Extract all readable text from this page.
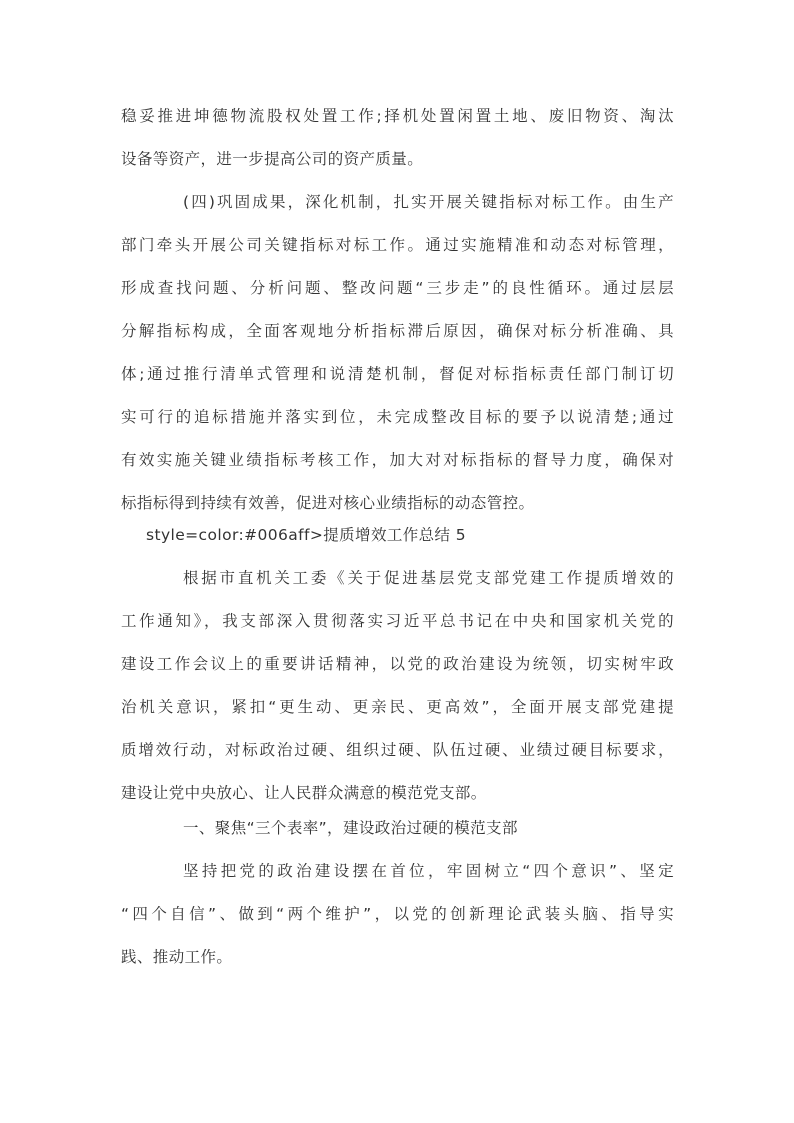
稳妥推进坤德物流股权处置工作;择机处置闲置土地、废旧物资、淘汰

设备等资产，进一步提高公司的资产质量。

(四)巩固成果，深化机制，扎实开展关键指标对标工作。由生产

部门牵头开展公司关键指标对标工作。通过实施精准和动态对标管理，

形成查找问题、分析问题、整改问题“三步走”的良性循环。通过层层

分解指标构成，全面客观地分析指标滞后原因，确保对标分析准确、具

体;通过推行清单式管理和说清楚机制，督促对标指标责任部门制订切

实可行的追标措施并落实到位，未完成整改目标的要予以说清楚;通过

有效实施关键业绩指标考核工作，加大对对标指标的督导力度，确保对

标指标得到持续有效善，促进对核心业绩指标的动态管控。

style=color:#006aff>提质增效工作总结 5

根据市直机关工委《关于促进基层党支部党建工作提质增效的

工作通知》，我支部深入贯彻落实习近平总书记在中央和国家机关党的

建设工作会议上的重要讲话精神，以党的政治建设为统领，切实树牢政

治机关意识，紧扣“更生动、更亲民、更高效”，全面开展支部党建提

质增效行动，对标政治过硬、组织过硬、队伍过硬、业绩过硬目标要求，

建设让党中央放心、让人民群众满意的模范党支部。

一、聚焦“三个表率”，建设政治过硬的模范支部

坚持把党的政治建设摆在首位，牢固树立“四个意识”、坚定

“四个自信”、做到“两个维护”，以党的创新理论武装头脑、指导实

践、推动工作。
